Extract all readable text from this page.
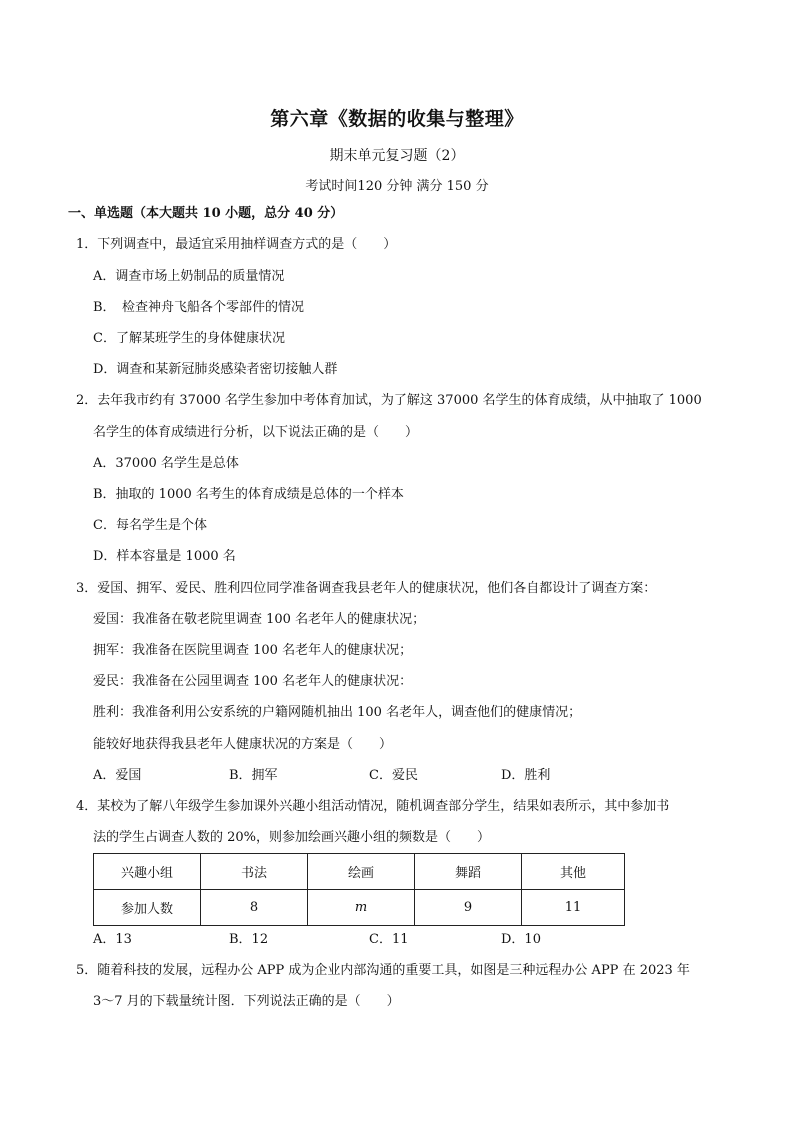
第六章《数据的收集与整理》
期末单元复习题（2）
考试时间120 分钟 满分 150 分
一、单选题（本大题共 10 小题，总分 40 分）
1．下列调查中，最适宜采用抽样调查方式的是（　　）
A．调查市场上奶制品的质量情况
B．　检查神舟飞船各个零部件的情况
C．了解某班学生的身体健康状况
D．调查和某新冠肺炎感染者密切接触人群
2．去年我市约有 37000 名学生参加中考体育加试，为了解这 37000 名学生的体育成绩，从中抽取了 1000
名学生的体育成绩进行分析，以下说法正确的是（　　）
A．37000 名学生是总体
B．抽取的 1000 名考生的体育成绩是总体的一个样本
C．每名学生是个体
D．样本容量是 1000 名
3．爱国、拥军、爱民、胜利四位同学准备调查我县老年人的健康状况，他们各自都设计了调查方案：
爱国：我准备在敬老院里调查 100 名老年人的健康状况；
拥军：我准备在医院里调查 100 名老年人的健康状况；
爱民：我准备在公园里调查 100 名老年人的健康状况：
胜利：我准备利用公安系统的户籍网随机抽出 100 名老年人，调查他们的健康情况；
能较好地获得我县老年人健康状况的方案是（　　）
A．爱国	B．拥军	C．爱民	D．胜利
4．某校为了解八年级学生参加课外兴趣小组活动情况，随机调查部分学生，结果如表所示，其中参加书
法的学生占调查人数的 20%，则参加绘画兴趣小组的频数是（　　）
兴趣小组	书法	绘画	舞蹈	其他
参加人数	8	m	9	11
A．13	B．12	C．11	D．10
5．随着科技的发展，远程办公 APP 成为企业内部沟通的重要工具，如图是三种远程办公 APP 在 2023 年
3～7 月的下载量统计图．下列说法正确的是（　　）
